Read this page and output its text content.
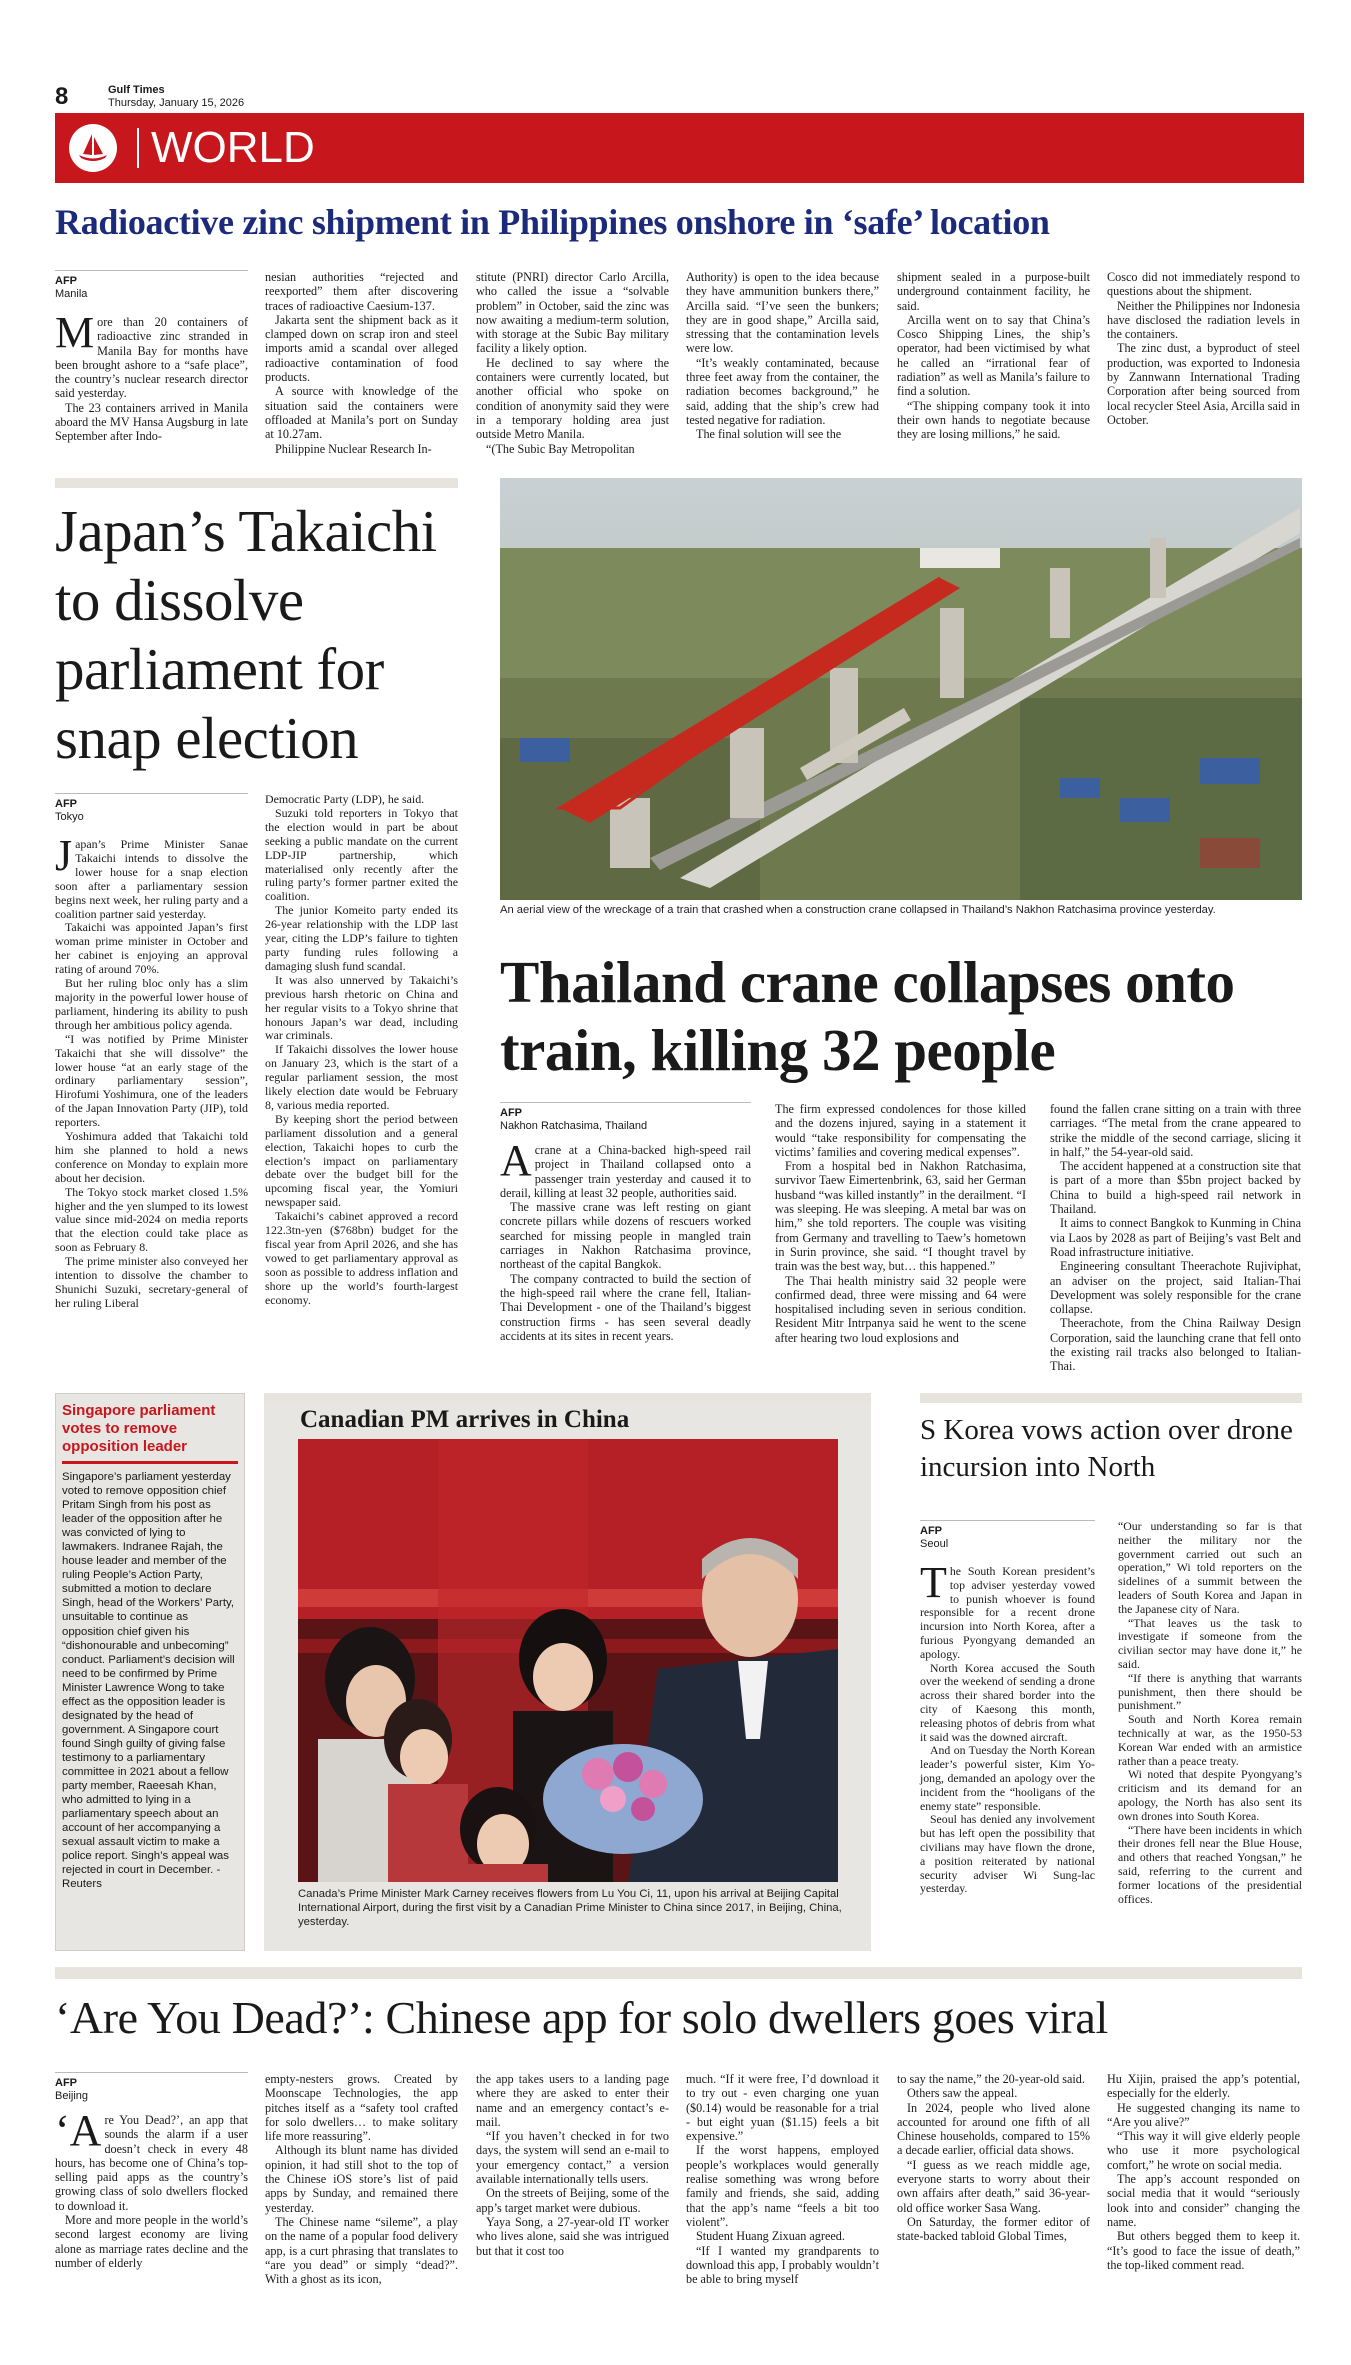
8	Gulf Times
Thursday, January 15, 2026
WORLD
Radioactive zinc shipment in Philippines onshore in ‘safe’ location
AFP
Manila

More than 20 containers of radioactive zinc stranded in Manila Bay for months have been brought ashore to a “safe place”, the country’s nuclear research director said yesterday.

The 23 containers arrived in Manila aboard the MV Hansa Augsburg in late September after Indo-

nesian authorities “rejected and reexported” them after discovering traces of radioactive Caesium-137.

Jakarta sent the shipment back as it clamped down on scrap iron and steel imports amid a scandal over alleged radioactive contamination of food products.

A source with knowledge of the situation said the containers were offloaded at Manila’s port on Sunday at 10.27am.

Philippine Nuclear Research In-

stitute (PNRI) director Carlo Arcilla, who called the issue a “solvable problem” in October, said the zinc was now awaiting a medium-term solution, with storage at the Subic Bay military facility a likely option.

He declined to say where the containers were currently located, but another official who spoke on condition of anonymity said they were in a temporary holding area just outside Metro Manila.

“(The Subic Bay Metropolitan

Authority) is open to the idea because they have ammunition bunkers there,” Arcilla said. “I’ve seen the bunkers; they are in good shape,” Arcilla said, stressing that the contamination levels were low.

“It’s weakly contaminated, because three feet away from the container, the radiation becomes background,” he said, adding that the ship’s crew had tested negative for radiation.

The final solution will see the

shipment sealed in a purpose-built underground containment facility, he said.

Arcilla went on to say that China’s Cosco Shipping Lines, the ship’s operator, had been victimised by what he called an “irrational fear of radiation” as well as Manila’s failure to find a solution.

“The shipping company took it into their own hands to negotiate because they are losing millions,” he said.

Cosco did not immediately respond to questions about the shipment.

Neither the Philippines nor Indonesia have disclosed the radiation levels in the containers.

The zinc dust, a byproduct of steel production, was exported to Indonesia by Zannwann International Trading Corporation after being sourced from local recycler Steel Asia, Arcilla said in October.

Japan’s Takaichi to dissolve parliament for snap election
AFP
Tokyo

Japan’s Prime Minister Sanae Takaichi intends to dissolve the lower house for a snap election soon after a parliamentary session begins next week, her ruling party and a coalition partner said yesterday.

Takaichi was appointed Japan’s first woman prime minister in October and her cabinet is enjoying an approval rating of around 70%.

But her ruling bloc only has a slim majority in the powerful lower house of parliament, hindering its ability to push through her ambitious policy agenda.

“I was notified by Prime Minister Takaichi that she will dissolve” the lower house “at an early stage of the ordinary parliamentary session”, Hirofumi Yoshimura, one of the leaders of the Japan Innovation Party (JIP), told reporters.

Yoshimura added that Takaichi told him she planned to hold a news conference on Monday to explain more about her decision.

The Tokyo stock market closed 1.5% higher and the yen slumped to its lowest value since mid-2024 on media reports that the election could take place as soon as February 8.

The prime minister also conveyed her intention to dissolve the chamber to Shunichi Suzuki, secretary-general of her ruling Liberal

Democratic Party (LDP), he said.

Suzuki told reporters in Tokyo that the election would in part be about seeking a public mandate on the current LDP-JIP partnership, which materialised only recently after the ruling party’s former partner exited the coalition.

The junior Komeito party ended its 26-year relationship with the LDP last year, citing the LDP’s failure to tighten party funding rules following a damaging slush fund scandal.

It was also unnerved by Takaichi’s previous harsh rhetoric on China and her regular visits to a Tokyo shrine that honours Japan’s war dead, including war criminals.

If Takaichi dissolves the lower house on January 23, which is the start of a regular parliament session, the most likely election date would be February 8, various media reported.

By keeping short the period between parliament dissolution and a general election, Takaichi hopes to curb the election’s impact on parliamentary debate over the budget bill for the upcoming fiscal year, the Yomiuri newspaper said.

Takaichi’s cabinet approved a record 122.3tn-yen ($768bn) budget for the fiscal year from April 2026, and she has vowed to get parliamentary approval as soon as possible to address inflation and shore up the world’s fourth-largest economy.

An aerial view of the wreckage of a train that crashed when a construction crane collapsed in Thailand’s Nakhon Ratchasima province yesterday.
Thailand crane collapses onto train, killing 32 people
AFP
Nakhon Ratchasima, Thailand

Acrane at a China-backed high-speed rail project in Thailand collapsed onto a passenger train yesterday and caused it to derail, killing at least 32 people, authorities said.

The massive crane was left resting on giant concrete pillars while dozens of rescuers worked searched for missing people in mangled train carriages in Nakhon Ratchasima province, northeast of the capital Bangkok.

The company contracted to build the section of the high-speed rail where the crane fell, Italian-Thai Development - one of the Thailand’s biggest construction firms - has seen several deadly accidents at its sites in recent years.

The firm expressed condolences for those killed and the dozens injured, saying in a statement it would “take responsibility for compensating the victims’ families and covering medical expenses”.

From a hospital bed in Nakhon Ratchasima, survivor Taew Eimertenbrink, 63, said her German husband “was killed instantly” in the derailment. “I was sleeping. He was sleeping. A metal bar was on him,” she told reporters. The couple was visiting from Germany and travelling to Taew’s hometown in Surin province, she said. “I thought travel by train was the best way, but… this happened.”

The Thai health ministry said 32 people were confirmed dead, three were missing and 64 were hospitalised including seven in serious condition. Resident Mitr Intrpanya said he went to the scene after hearing two loud explosions and

found the fallen crane sitting on a train with three carriages. “The metal from the crane appeared to strike the middle of the second carriage, slicing it in half,” the 54-year-old said.

The accident happened at a construction site that is part of a more than $5bn project backed by China to build a high-speed rail network in Thailand.

It aims to connect Bangkok to Kunming in China via Laos by 2028 as part of Beijing’s vast Belt and Road infrastructure initiative.

Engineering consultant Theerachote Rujiviphat, an adviser on the project, said Italian-Thai Development was solely responsible for the crane collapse.

Theerachote, from the China Railway Design Corporation, said the launching crane that fell onto the existing rail tracks also belonged to Italian-Thai.

Singapore parliament votes to remove opposition leader
Singapore’s parliament yesterday voted to remove opposition chief Pritam Singh from his post as leader of the opposition after he was convicted of lying to lawmakers. Indranee Rajah, the house leader and member of the ruling People’s Action Party, submitted a motion to declare Singh, head of the Workers’ Party, unsuitable to continue as opposition chief given his “dishonourable and unbecoming” conduct. Parliament’s decision will need to be confirmed by Prime Minister Lawrence Wong to take effect as the opposition leader is designated by the head of government. A Singapore court found Singh guilty of giving false testimony to a parliamentary committee in 2021 about a fellow party member, Raeesah Khan, who admitted to lying in a parliamentary speech about an account of her accompanying a sexual assault victim to make a police report. Singh’s appeal was rejected in court in December. - Reuters
Canadian PM arrives in China
Canada’s Prime Minister Mark Carney receives flowers from Lu You Ci, 11, upon his arrival at Beijing Capital International Airport, during the first visit by a Canadian Prime Minister to China since 2017, in Beijing, China, yesterday.
S Korea vows action over drone incursion into North
AFP
Seoul

The South Korean president’s top adviser yesterday vowed to punish whoever is found responsible for a recent drone incursion into North Korea, after a furious Pyongyang demanded an apology.

North Korea accused the South over the weekend of sending a drone across their shared border into the city of Kaesong this month, releasing photos of debris from what it said was the downed aircraft.

And on Tuesday the North Korean leader’s powerful sister, Kim Yo-jong, demanded an apology over the incident from the “hooligans of the enemy state” responsible.

Seoul has denied any involvement but has left open the possibility that civilians may have flown the drone, a position reiterated by national security adviser Wi Sung-lac yesterday.

“Our understanding so far is that neither the military nor the government carried out such an operation,” Wi told reporters on the sidelines of a summit between the leaders of South Korea and Japan in the Japanese city of Nara.

“That leaves us the task to investigate if someone from the civilian sector may have done it,” he said.

“If there is anything that warrants punishment, then there should be punishment.”

South and North Korea remain technically at war, as the 1950-53 Korean War ended with an armistice rather than a peace treaty.

Wi noted that despite Pyongyang’s criticism and its demand for an apology, the North has also sent its own drones into South Korea.

“There have been incidents in which their drones fell near the Blue House, and others that reached Yongsan,” he said, referring to the current and former locations of the presidential offices.

‘Are You Dead?’: Chinese app for solo dwellers goes viral
AFP
Beijing

‘Are You Dead?’, an app that sounds the alarm if a user doesn’t check in every 48 hours, has become one of China’s top-selling paid apps as the country’s growing class of solo dwellers flocked to download it.

More and more people in the world’s second largest economy are living alone as marriage rates decline and the number of elderly

empty-nesters grows. Created by Moonscape Technologies, the app pitches itself as a “safety tool crafted for solo dwellers… to make solitary life more reassuring”.

Although its blunt name has divided opinion, it had still shot to the top of the Chinese iOS store’s list of paid apps by Sunday, and remained there yesterday.

The Chinese name “sileme”, a play on the name of a popular food delivery app, is a curt phrasing that translates to “are you dead” or simply “dead?”. With a ghost as its icon,

the app takes users to a landing page where they are asked to enter their name and an emergency contact’s e-mail.

“If you haven’t checked in for two days, the system will send an e-mail to your emergency contact,” a version available internationally tells users.

On the streets of Beijing, some of the app’s target market were dubious.

Yaya Song, a 27-year-old IT worker who lives alone, said she was intrigued but that it cost too

much. “If it were free, I’d download it to try out - even charging one yuan ($0.14) would be reasonable for a trial - but eight yuan ($1.15) feels a bit expensive.”

If the worst happens, employed people’s workplaces would generally realise something was wrong before family and friends, she said, adding that the app’s name “feels a bit too violent”.

Student Huang Zixuan agreed.

“If I wanted my grandparents to download this app, I probably wouldn’t be able to bring myself

to say the name,” the 20-year-old said.

Others saw the appeal.

In 2024, people who lived alone accounted for around one fifth of all Chinese households, compared to 15% a decade earlier, official data shows.

“I guess as we reach middle age, everyone starts to worry about their own affairs after death,” said 36-year-old office worker Sasa Wang.

On Saturday, the former editor of state-backed tabloid Global Times,

Hu Xijin, praised the app’s potential, especially for the elderly.

He suggested changing its name to “Are you alive?”

“This way it will give elderly people who use it more psychological comfort,” he wrote on social media.

The app’s account responded on social media that it would “seriously look into and consider” changing the name.

But others begged them to keep it. “It’s good to face the issue of death,” the top-liked comment read.
